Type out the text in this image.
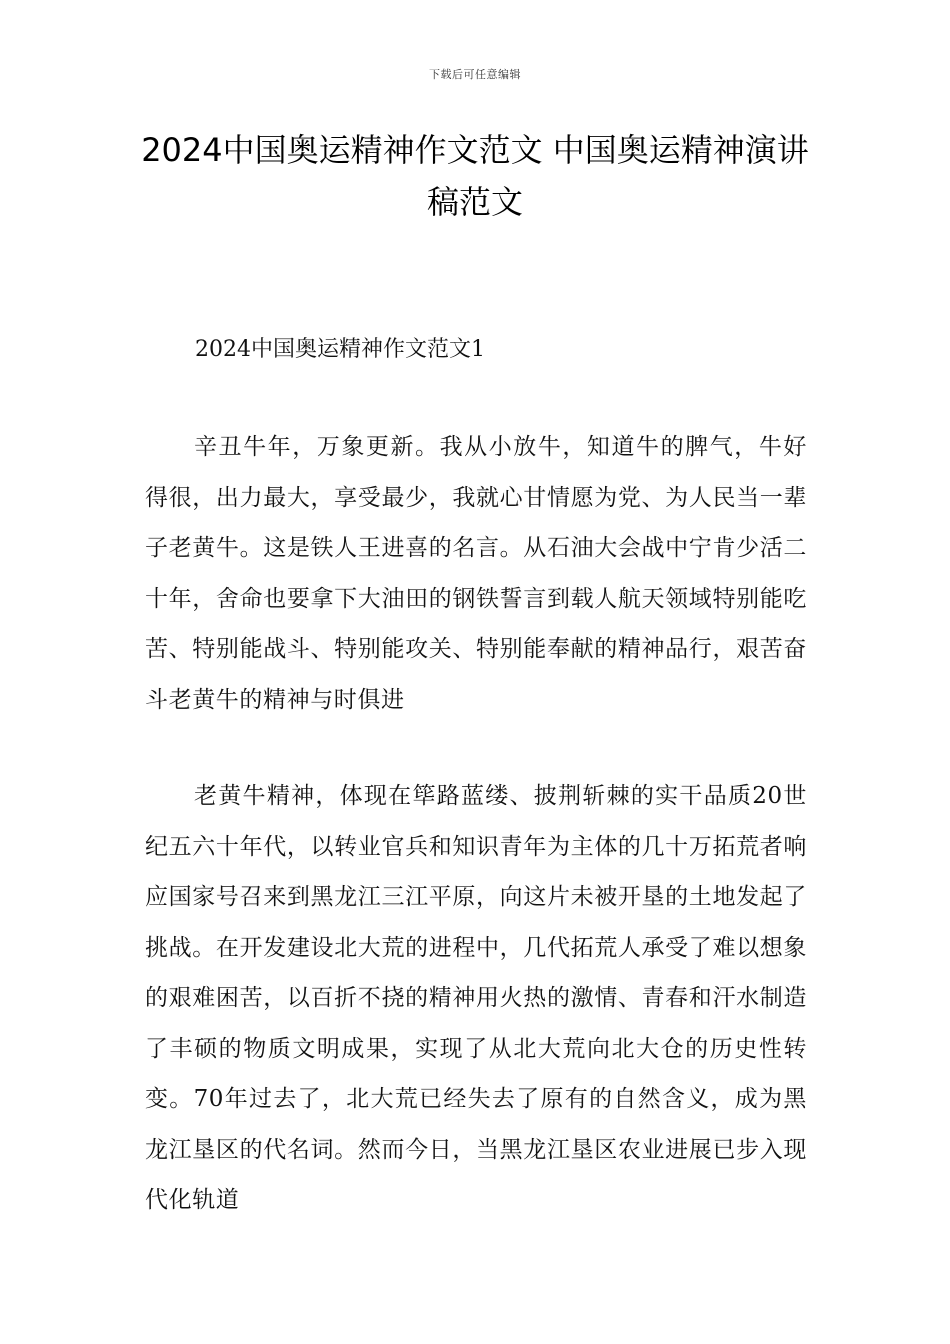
下载后可任意编辑
2024中国奥运精神作文范文 中国奥运精神演讲稿范文

2024中国奥运精神作文范文1

辛丑牛年，万象更新。我从小放牛，知道牛的脾气，牛好得很，出力最大，享受最少，我就心甘情愿为党、为人民当一辈子老黄牛。这是铁人王进喜的名言。从石油大会战中宁肯少活二十年，舍命也要拿下大油田的钢铁誓言到载人航天领域特别能吃苦、特别能战斗、特别能攻关、特别能奉献的精神品行，艰苦奋斗老黄牛的精神与时俱进

老黄牛精神，体现在筚路蓝缕、披荆斩棘的实干品质20世纪五六十年代，以转业官兵和知识青年为主体的几十万拓荒者响应国家号召来到黑龙江三江平原，向这片未被开垦的土地发起了挑战。在开发建设北大荒的进程中，几代拓荒人承受了难以想象的艰难困苦，以百折不挠的精神用火热的激情、青春和汗水制造了丰硕的物质文明成果，实现了从北大荒向北大仓的历史性转变。70年过去了，北大荒已经失去了原有的自然含义，成为黑龙江垦区的代名词。然而今日，当黑龙江垦区农业进展已步入现代化轨道
